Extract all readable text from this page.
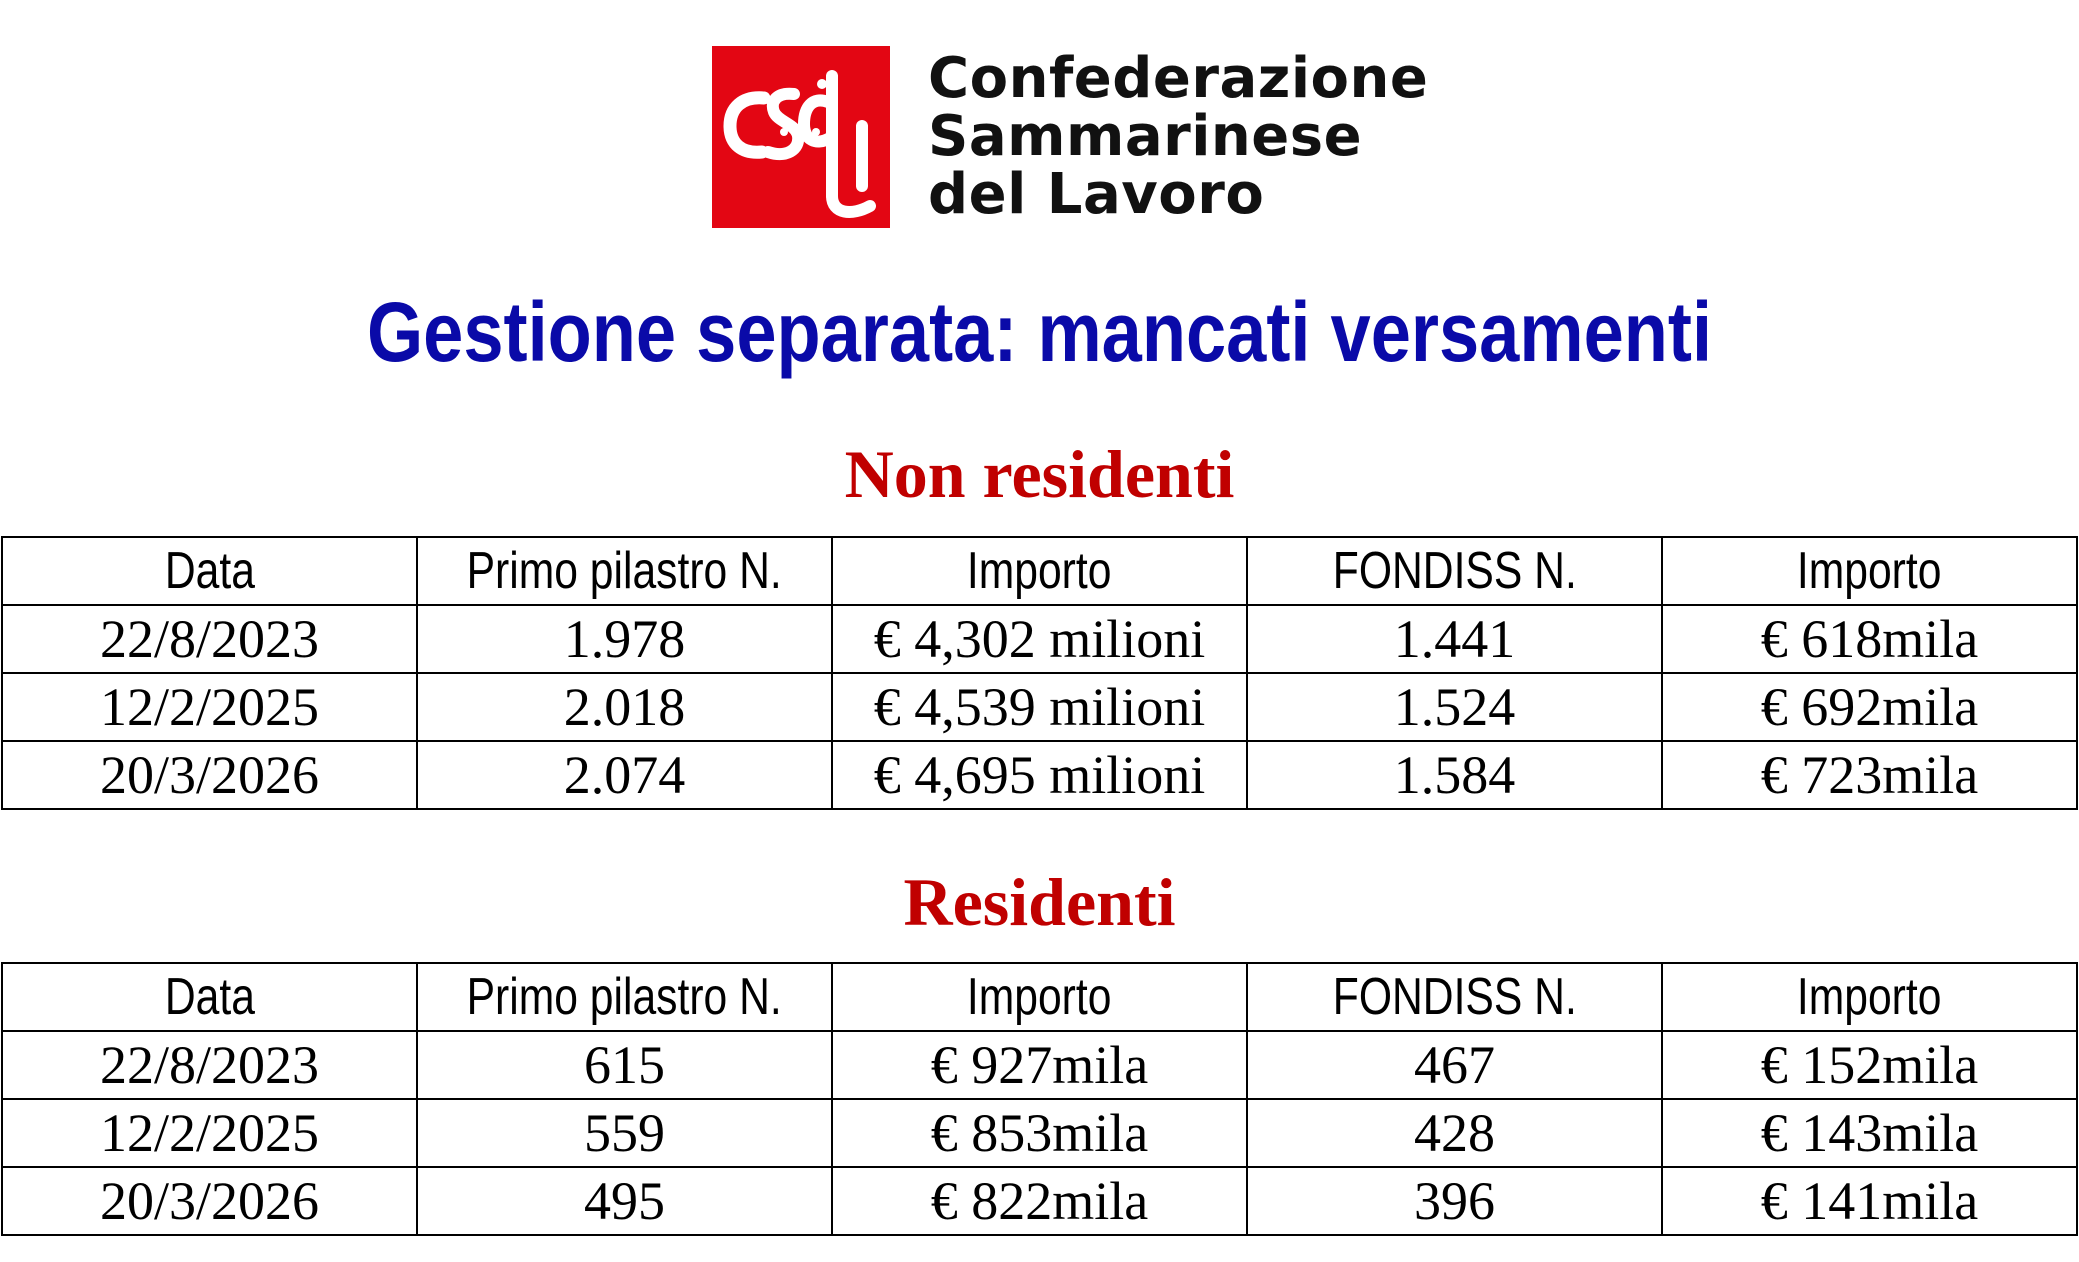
Confederazione
Sammarinese
del Lavoro
Gestione separata: mancati versamenti
Non residenti
Data	Primo pilastro N.	Importo	FONDISS N.	Importo
22/8/2023	1.978	€ 4,302 milioni	1.441	€ 618mila
12/2/2025	2.018	€ 4,539 milioni	1.524	€ 692mila
20/3/2026	2.074	€ 4,695 milioni	1.584	€ 723mila
Residenti
Data	Primo pilastro N.	Importo	FONDISS N.	Importo
22/8/2023	615	€ 927mila	467	€ 152mila
12/2/2025	559	€ 853mila	428	€ 143mila
20/3/2026	495	€ 822mila	396	€ 141mila
